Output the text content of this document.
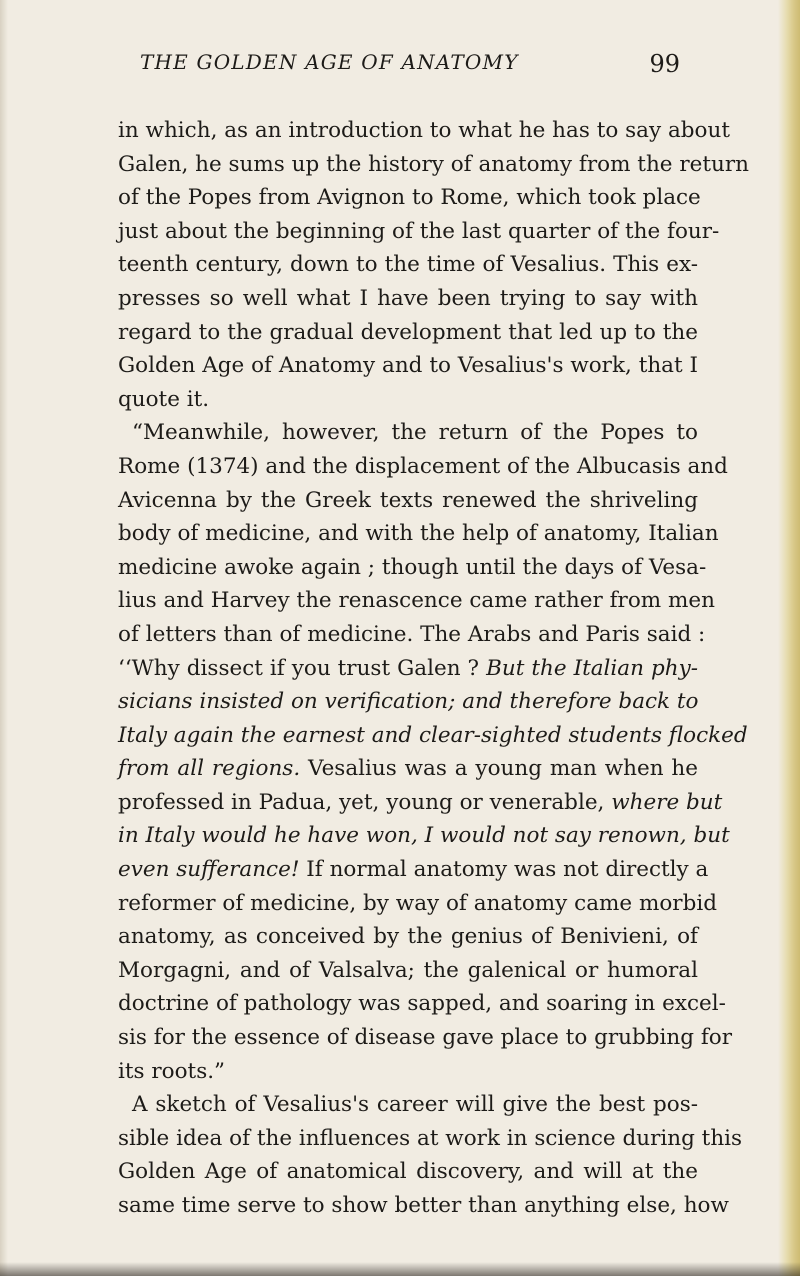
THE GOLDEN AGE OF ANATOMY	99
in which, as an introduction to what he has to say about
Galen, he sums up the history of anatomy from the return
of the Popes from Avignon to Rome, which took place
just about the beginning of the last quarter of the four-
teenth century, down to the time of Vesalius. This ex-
presses so well what I have been trying to say with
regard to the gradual development that led up to the
Golden Age of Anatomy and to Vesalius's work, that I
quote it.
“Meanwhile, however, the return of the Popes to
Rome (1374) and the displacement of the Albucasis and
Avicenna by the Greek texts renewed the shriveling
body of medicine, and with the help of anatomy, Italian
medicine awoke again ; though until the days of Vesa-
lius and Harvey the renascence came rather from men
of letters than of medicine. The Arabs and Paris said :
‘‘Why dissect if you trust Galen ? But the Italian phy-
sicians insisted on verification; and therefore back to
Italy again the earnest and clear-sighted students flocked
from all regions. Vesalius was a young man when he
professed in Padua, yet, young or venerable, where but
in Italy would he have won, I would not say renown, but
even sufferance! If normal anatomy was not directly a
reformer of medicine, by way of anatomy came morbid
anatomy, as conceived by the genius of Benivieni, of
Morgagni, and of Valsalva; the galenical or humoral
doctrine of pathology was sapped, and soaring in excel-
sis for the essence of disease gave place to grubbing for
its roots.”
A sketch of Vesalius's career will give the best pos-
sible idea of the influences at work in science during this
Golden Age of anatomical discovery, and will at the
same time serve to show better than anything else, how
